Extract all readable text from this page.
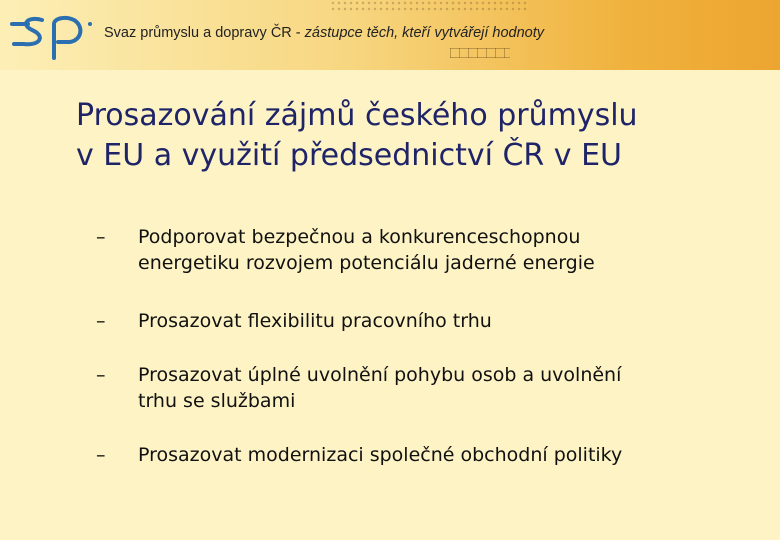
Svaz průmyslu a dopravy ČR - zástupce těch, kteří vytvářejí hodnoty
Prosazování zájmů českého průmyslu
v EU a využití předsednictví ČR v EU
– Podporovat bezpečnou a konkurenceschopnou
energetiku rozvojem potenciálu jaderné energie
– Prosazovat flexibilitu pracovního trhu
– Prosazovat úplné uvolnění pohybu osob a uvolnění
trhu se službami
– Prosazovat modernizaci společné obchodní politiky
